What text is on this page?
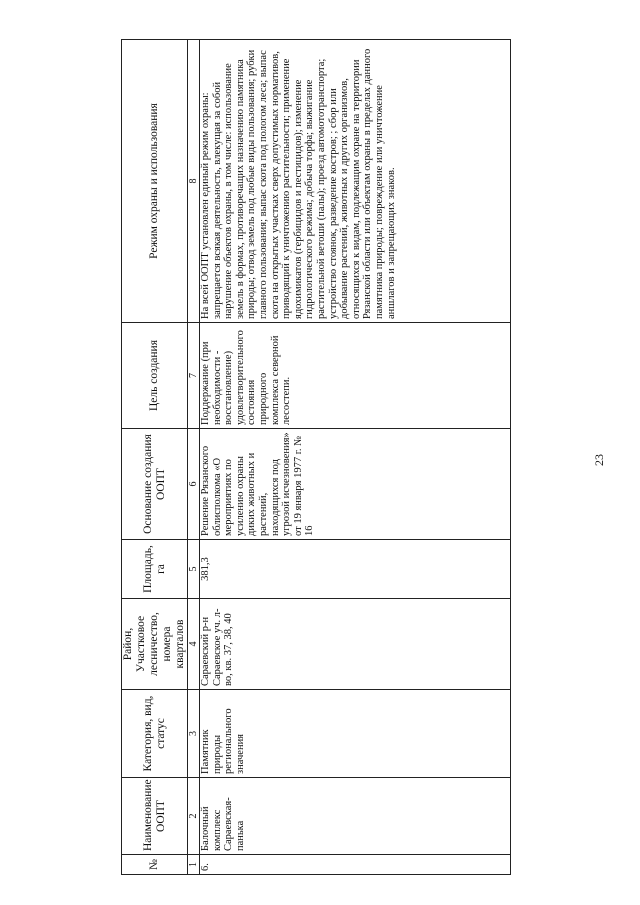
№	Наименование ООПТ	Категория, вид, статус	Район, Участковое лесничество, номера кварталов	Площадь, га	Основание создания ООПТ	Цель создания	Режим охраны и использования
1	2	3	4	5	6	7	8
6.	Балочный комплекс Сараевская-панька	Памятник природы регионального значения	Сараевский р-н Сараевское уч. л-во, кв. 37, 38, 40	381,3	Решение Рязанского облисполкома «О мероприятиях по усилению охраны диких животных и растений, находящихся под угрозой исчезновения» от 19 января 1977 г. № 16	Поддержание (при необходимости - восстановление) удовлетворительного состояния природного комплекса северной лесостепи.	На всей ООПТ установлен единый режим охраны: запрещается всякая деятельность, влекущая за собой нарушение объектов охраны, в том числе: использование земель в формах, противоречащих назначению памятника природы; отвод земель под любые виды пользования; рубки главного пользования; выпас скота под пологом леса; выпас скота на открытых участках сверх допустимых нормативов, приводящий к уничтожению растительности; применение ядохимикатов (гербицидов и пестицидов); изменение гидрологического режима; добыча торфа; выжигание растительной ветоши (палы); проезд автомототранспорта; устройство стоянок, разведение костров; ; сбор или добывание растений, животных и других организмов, относящихся к видам, подлежащим охране на территории Рязанской области или объектам охраны в пределах данного памятника природы; повреждение или уничтожение аншлагов и запрещающих знаков.
23
